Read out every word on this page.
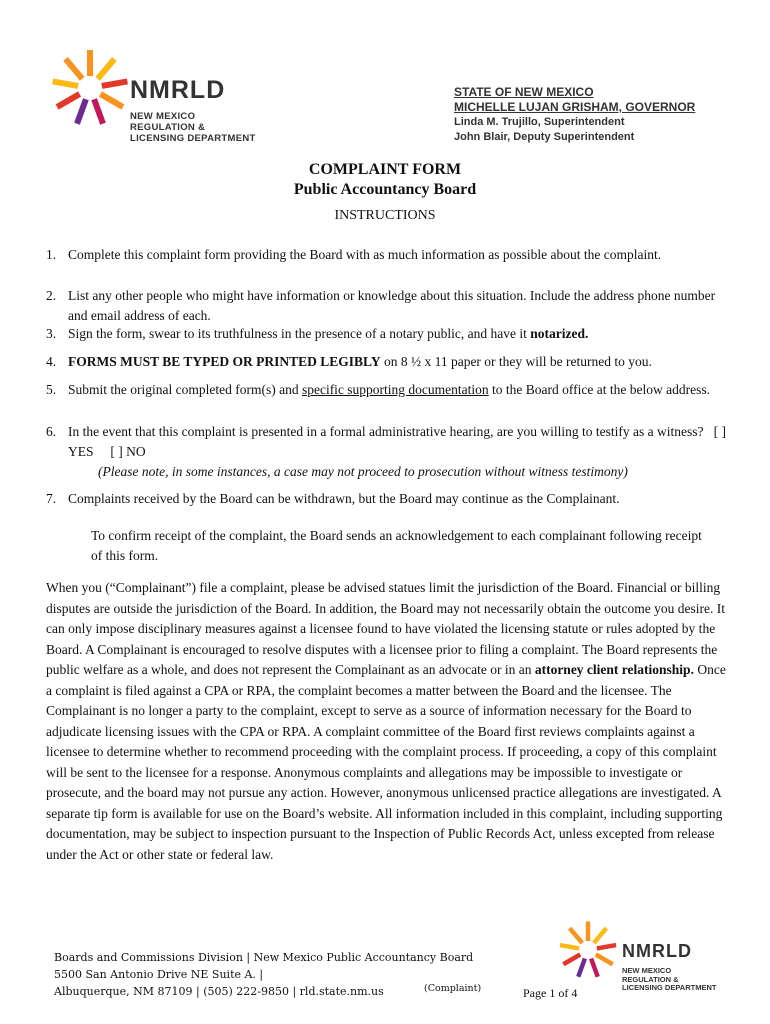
NMRLD
NEW MEXICO
REGULATION &
LICENSING DEPARTMENT
STATE OF NEW MEXICO
MICHELLE LUJAN GRISHAM, GOVERNOR
Linda M. Trujillo, Superintendent
John Blair, Deputy Superintendent
COMPLAINT FORM
Public Accountancy Board
INSTRUCTIONS
1. Complete this complaint form providing the Board with as much information as possible about the complaint.
2. List any other people who might have information or knowledge about this situation. Include the address phone number and email address of each.
3. Sign the form, swear to its truthfulness in the presence of a notary public, and have it notarized.
4. FORMS MUST BE TYPED OR PRINTED LEGIBLY on 8 ½ x 11 paper or they will be returned to you.
5. Submit the original completed form(s) and specific supporting documentation to the Board office at the below address.
6. In the event that this complaint is presented in a formal administrative hearing, are you willing to testify as a witness? [ ] YES [ ] NO
(Please note, in some instances, a case may not proceed to prosecution without witness testimony)
7. Complaints received by the Board can be withdrawn, but the Board may continue as the Complainant.
To confirm receipt of the complaint, the Board sends an acknowledgement to each complainant following receipt of this form.
When you (“Complainant”) file a complaint, please be advised statues limit the jurisdiction of the Board. Financial or billing disputes are outside the jurisdiction of the Board. In addition, the Board may not necessarily obtain the outcome you desire. It can only impose disciplinary measures against a licensee found to have violated the licensing statute or rules adopted by the Board. A Complainant is encouraged to resolve disputes with a licensee prior to filing a complaint. The Board represents the public welfare as a whole, and does not represent the Complainant as an advocate or in an attorney client relationship. Once a complaint is filed against a CPA or RPA, the complaint becomes a matter between the Board and the licensee. The Complainant is no longer a party to the complaint, except to serve as a source of information necessary for the Board to adjudicate licensing issues with the CPA or RPA. A complaint committee of the Board first reviews complaints against a licensee to determine whether to recommend proceeding with the complaint process. If proceeding, a copy of this complaint will be sent to the licensee for a response. Anonymous complaints and allegations may be impossible to investigate or prosecute, and the board may not pursue any action. However, anonymous unlicensed practice allegations are investigated. A separate tip form is available for use on the Board’s website. All information included in this complaint, including supporting documentation, may be subject to inspection pursuant to the Inspection of Public Records Act, unless excepted from release under the Act or other state or federal law.
Boards and Commissions Division | New Mexico Public Accountancy Board
5500 San Antonio Drive NE Suite A. |
Albuquerque, NM 87109 | (505) 222-9850 | rld.state.nm.us	(Complaint)	Page 1 of 4
NMRLD
NEW MEXICO
REGULATION &
LICENSING DEPARTMENT
